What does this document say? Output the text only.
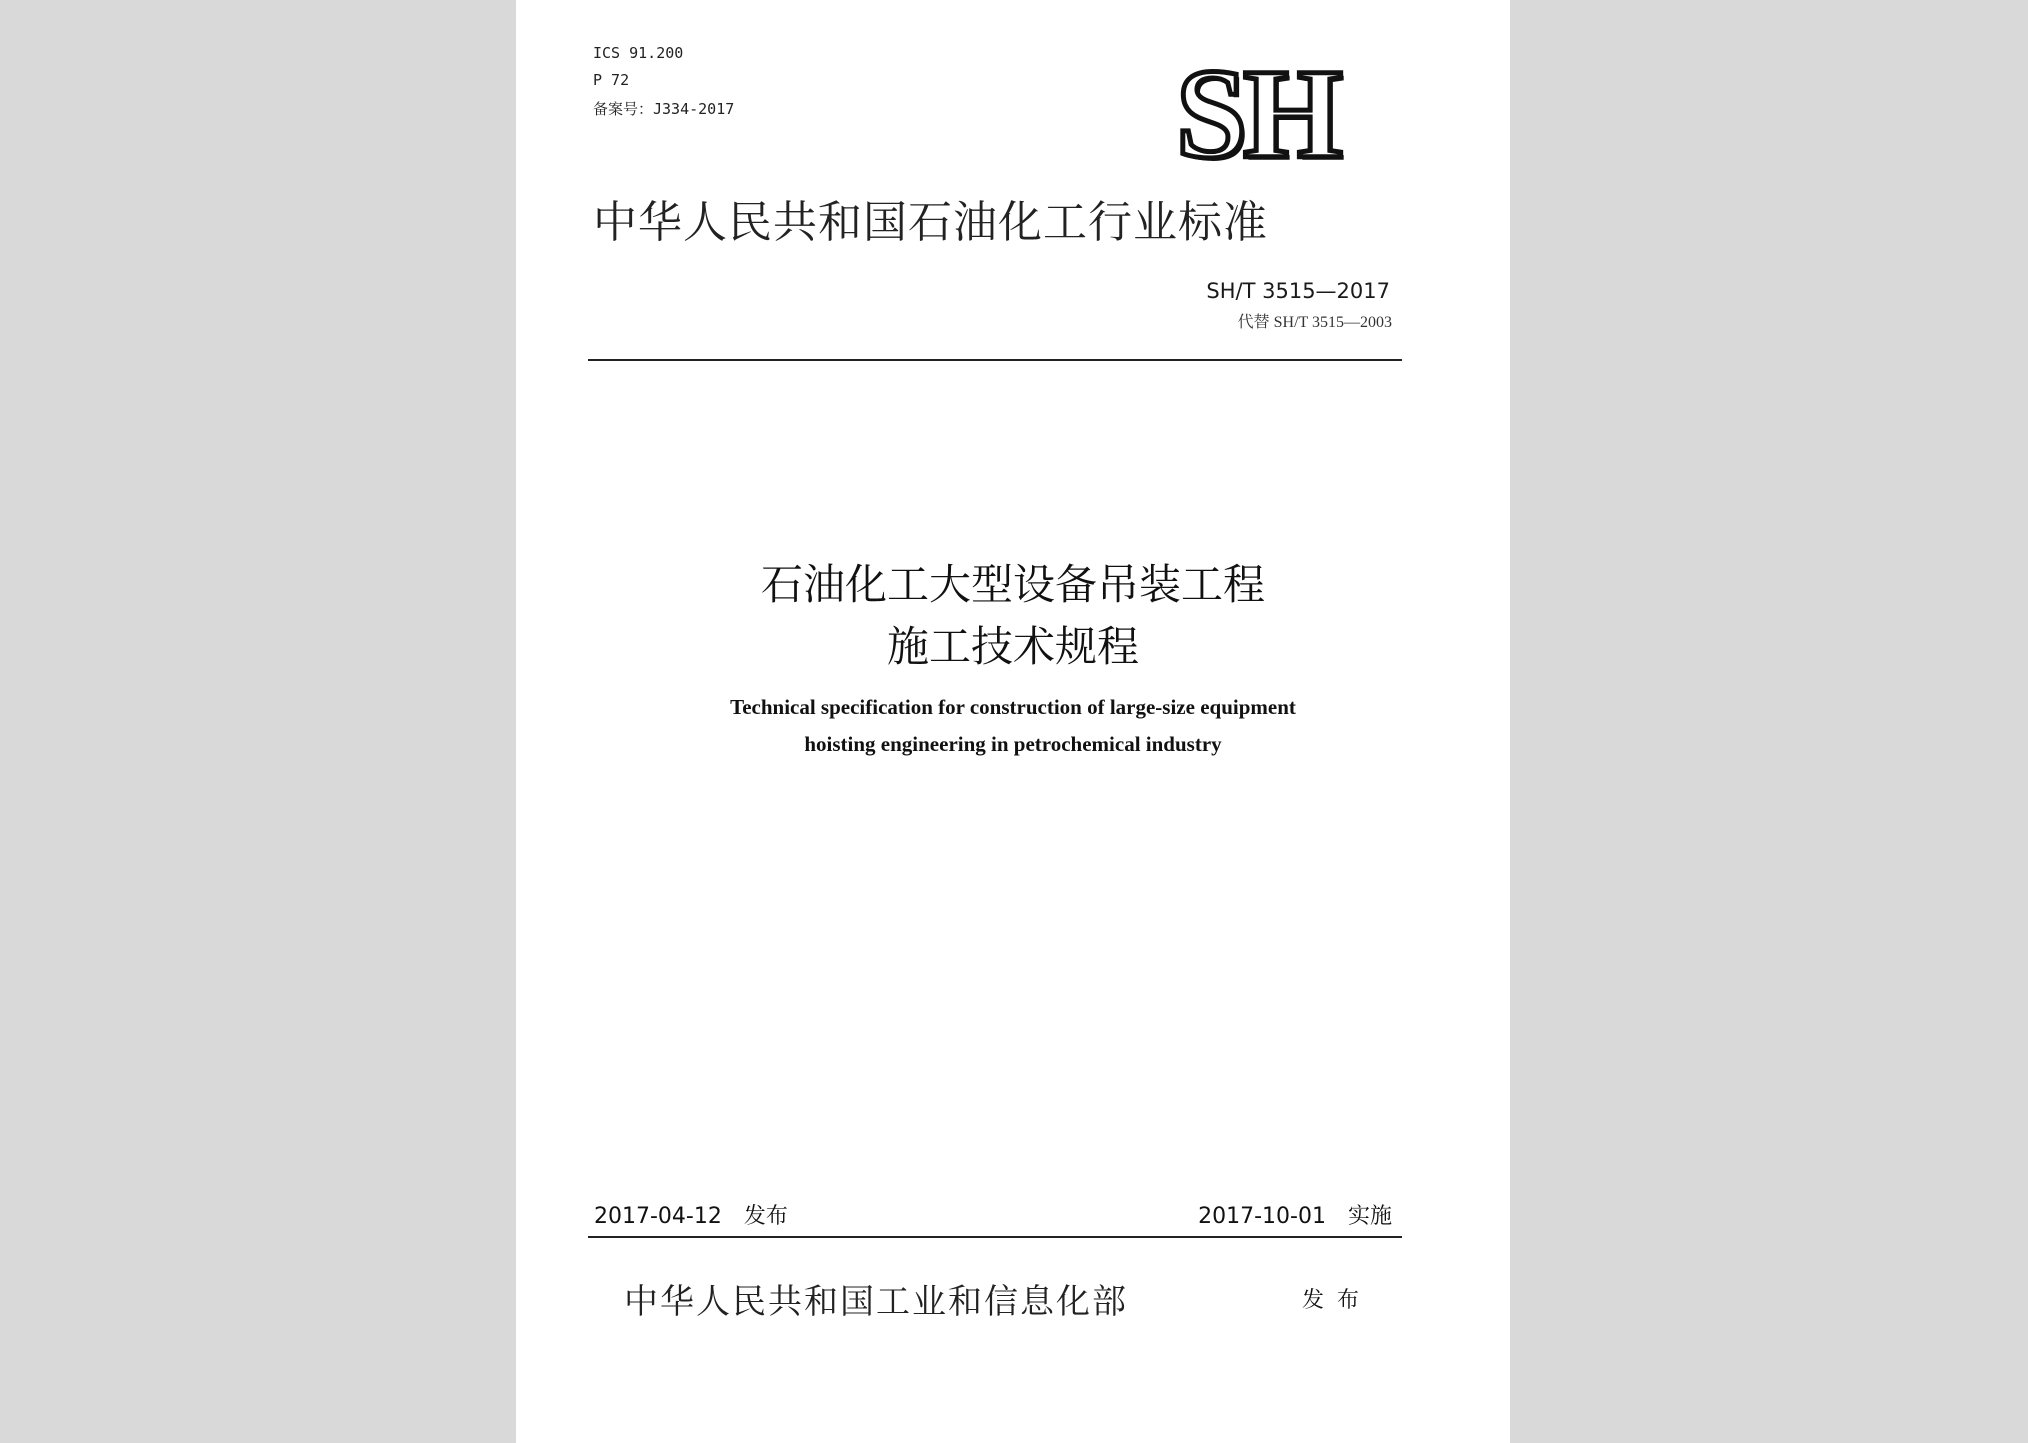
ICS 91.200
P 72
备案号：J334-2017	SH
中华人民共和国石油化工行业标准
SH/T 3515—2017
代替 SH/T 3515—2003
石油化工大型设备吊装工程
施工技术规程
Technical specification for construction of large-size equipment
hoisting engineering in petrochemical industry
2017-04-12 发布	2017-10-01 实施
中华人民共和国工业和信息化部	发 布
